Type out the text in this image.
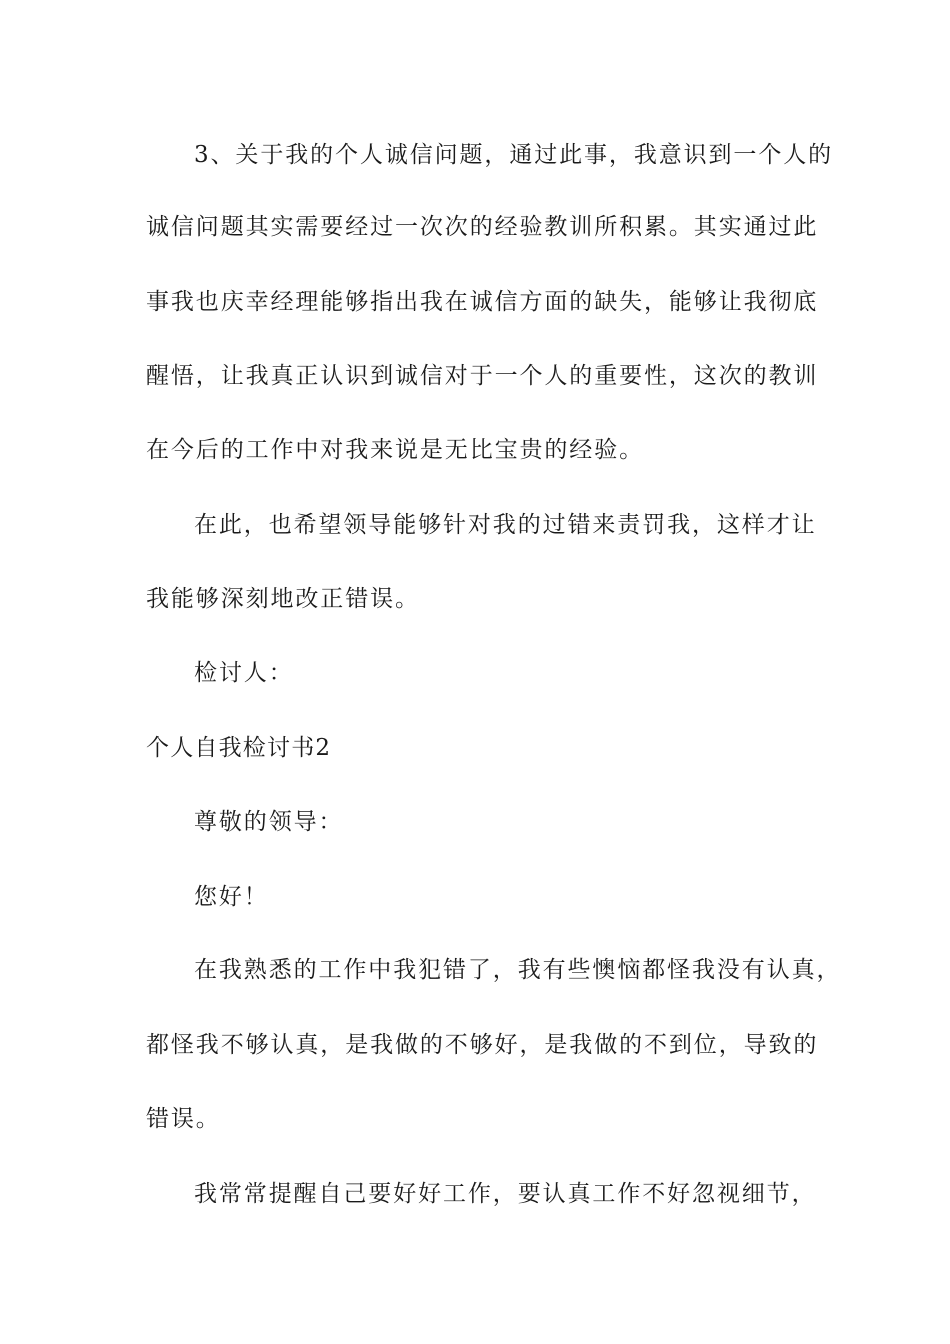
3、关于我的个人诚信问题，通过此事，我意识到一个人的
诚信问题其实需要经过一次次的经验教训所积累。其实通过此
事我也庆幸经理能够指出我在诚信方面的缺失，能够让我彻底
醒悟，让我真正认识到诚信对于一个人的重要性，这次的教训
在今后的工作中对我来说是无比宝贵的经验。
在此，也希望领导能够针对我的过错来责罚我，这样才让
我能够深刻地改正错误。
检讨人：
个人自我检讨书2
尊敬的领导：
您好！
在我熟悉的工作中我犯错了，我有些懊恼都怪我没有认真，
都怪我不够认真，是我做的不够好，是我做的不到位，导致的
错误。
我常常提醒自己要好好工作，要认真工作不好忽视细节，
